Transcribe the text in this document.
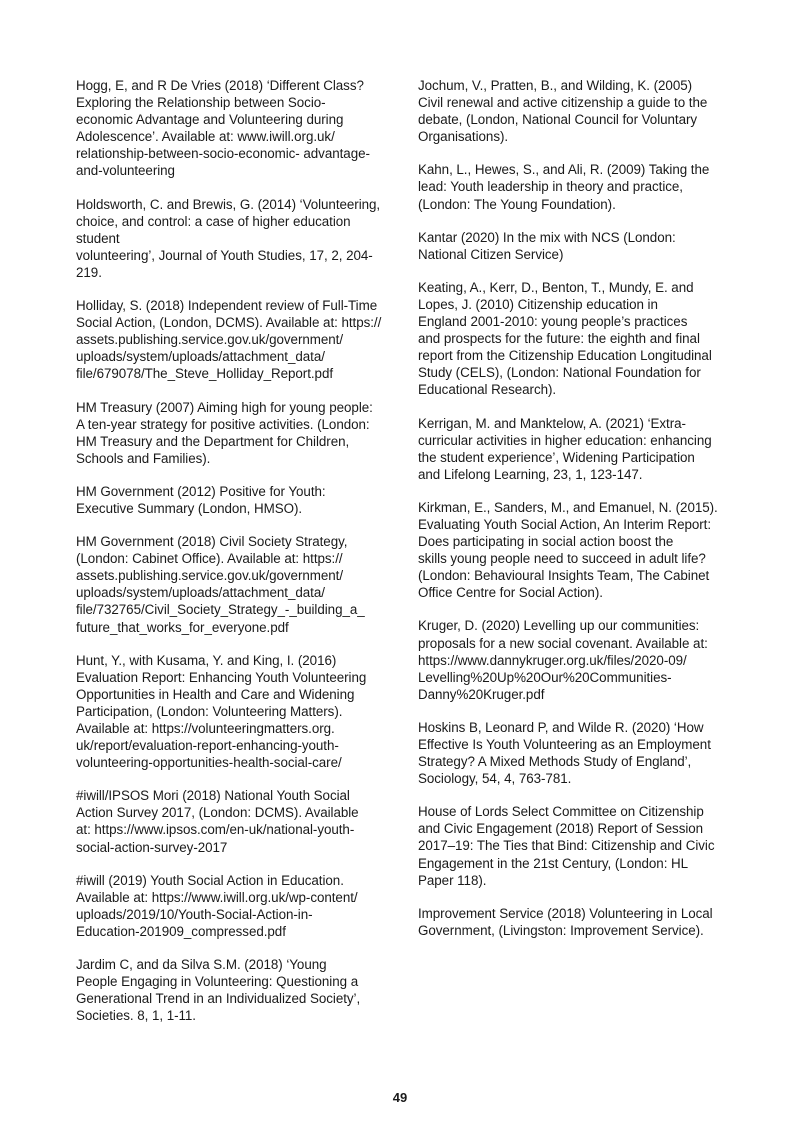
Hogg, E, and R De Vries (2018) ‘Different Class?
Exploring the Relationship between Socio-
economic Advantage and Volunteering during
Adolescence’. Available at: www.iwill.org.uk/
relationship-between-socio-economic- advantage-
and-volunteering

Holdsworth, C. and Brewis, G. (2014) ‘Volunteering,
choice, and control: a case of higher education student
volunteering’, Journal of Youth Studies, 17, 2, 204-219.

Holliday, S. (2018) Independent review of Full-Time
Social Action, (London, DCMS). Available at: https://
assets.publishing.service.gov.uk/government/
uploads/system/uploads/attachment_data/
file/679078/The_Steve_Holliday_Report.pdf

HM Treasury (2007) Aiming high for young people:
A ten-year strategy for positive activities. (London:
HM Treasury and the Department for Children,
Schools and Families).

HM Government (2012) Positive for Youth:
Executive Summary (London, HMSO).

HM Government (2018) Civil Society Strategy,
(London: Cabinet Office). Available at: https://
assets.publishing.service.gov.uk/government/
uploads/system/uploads/attachment_data/
file/732765/Civil_Society_Strategy_-_building_a_
future_that_works_for_everyone.pdf

Hunt, Y., with Kusama, Y. and King, I. (2016)
Evaluation Report: Enhancing Youth Volunteering
Opportunities in Health and Care and Widening
Participation, (London: Volunteering Matters).
Available at: https://volunteeringmatters.org.
uk/report/evaluation-report-enhancing-youth-
volunteering-opportunities-health-social-care/

#iwill/IPSOS Mori (2018) National Youth Social
Action Survey 2017, (London: DCMS). Available
at: https://www.ipsos.com/en-uk/national-youth-
social-action-survey-2017

#iwill (2019) Youth Social Action in Education.
Available at: https://www.iwill.org.uk/wp-content/
uploads/2019/10/Youth-Social-Action-in-
Education-201909_compressed.pdf

Jardim C, and da Silva S.M. (2018) ‘Young
People Engaging in Volunteering: Questioning a
Generational Trend in an Individualized Society’,
Societies. 8, 1, 1-11.

Jochum, V., Pratten, B., and Wilding, K. (2005)
Civil renewal and active citizenship a guide to the
debate, (London, National Council for Voluntary
Organisations).

Kahn, L., Hewes, S., and Ali, R. (2009) Taking the
lead: Youth leadership in theory and practice,
(London: The Young Foundation).

Kantar (2020) In the mix with NCS (London:
National Citizen Service)

Keating, A., Kerr, D., Benton, T., Mundy, E. and
Lopes, J. (2010) Citizenship education in
England 2001-2010: young people’s practices
and prospects for the future: the eighth and final
report from the Citizenship Education Longitudinal
Study (CELS), (London: National Foundation for
Educational Research).

Kerrigan, M. and Manktelow, A. (2021) ‘Extra-
curricular activities in higher education: enhancing
the student experience’, Widening Participation
and Lifelong Learning, 23, 1, 123-147.

Kirkman, E., Sanders, M., and Emanuel, N. (2015).
Evaluating Youth Social Action, An Interim Report:
Does participating in social action boost the
skills young people need to succeed in adult life?
(London: Behavioural Insights Team, The Cabinet
Office Centre for Social Action).

Kruger, D. (2020) Levelling up our communities:
proposals for a new social covenant. Available at:
https://www.dannykruger.org.uk/files/2020-09/
Levelling%20Up%20Our%20Communities-
Danny%20Kruger.pdf

Hoskins B, Leonard P, and Wilde R. (2020) ‘How
Effective Is Youth Volunteering as an Employment
Strategy? A Mixed Methods Study of England’,
Sociology, 54, 4, 763-781.

House of Lords Select Committee on Citizenship
and Civic Engagement (2018) Report of Session
2017–19: The Ties that Bind: Citizenship and Civic
Engagement in the 21st Century, (London: HL
Paper 118).

Improvement Service (2018) Volunteering in Local
Government, (Livingston: Improvement Service).

49
